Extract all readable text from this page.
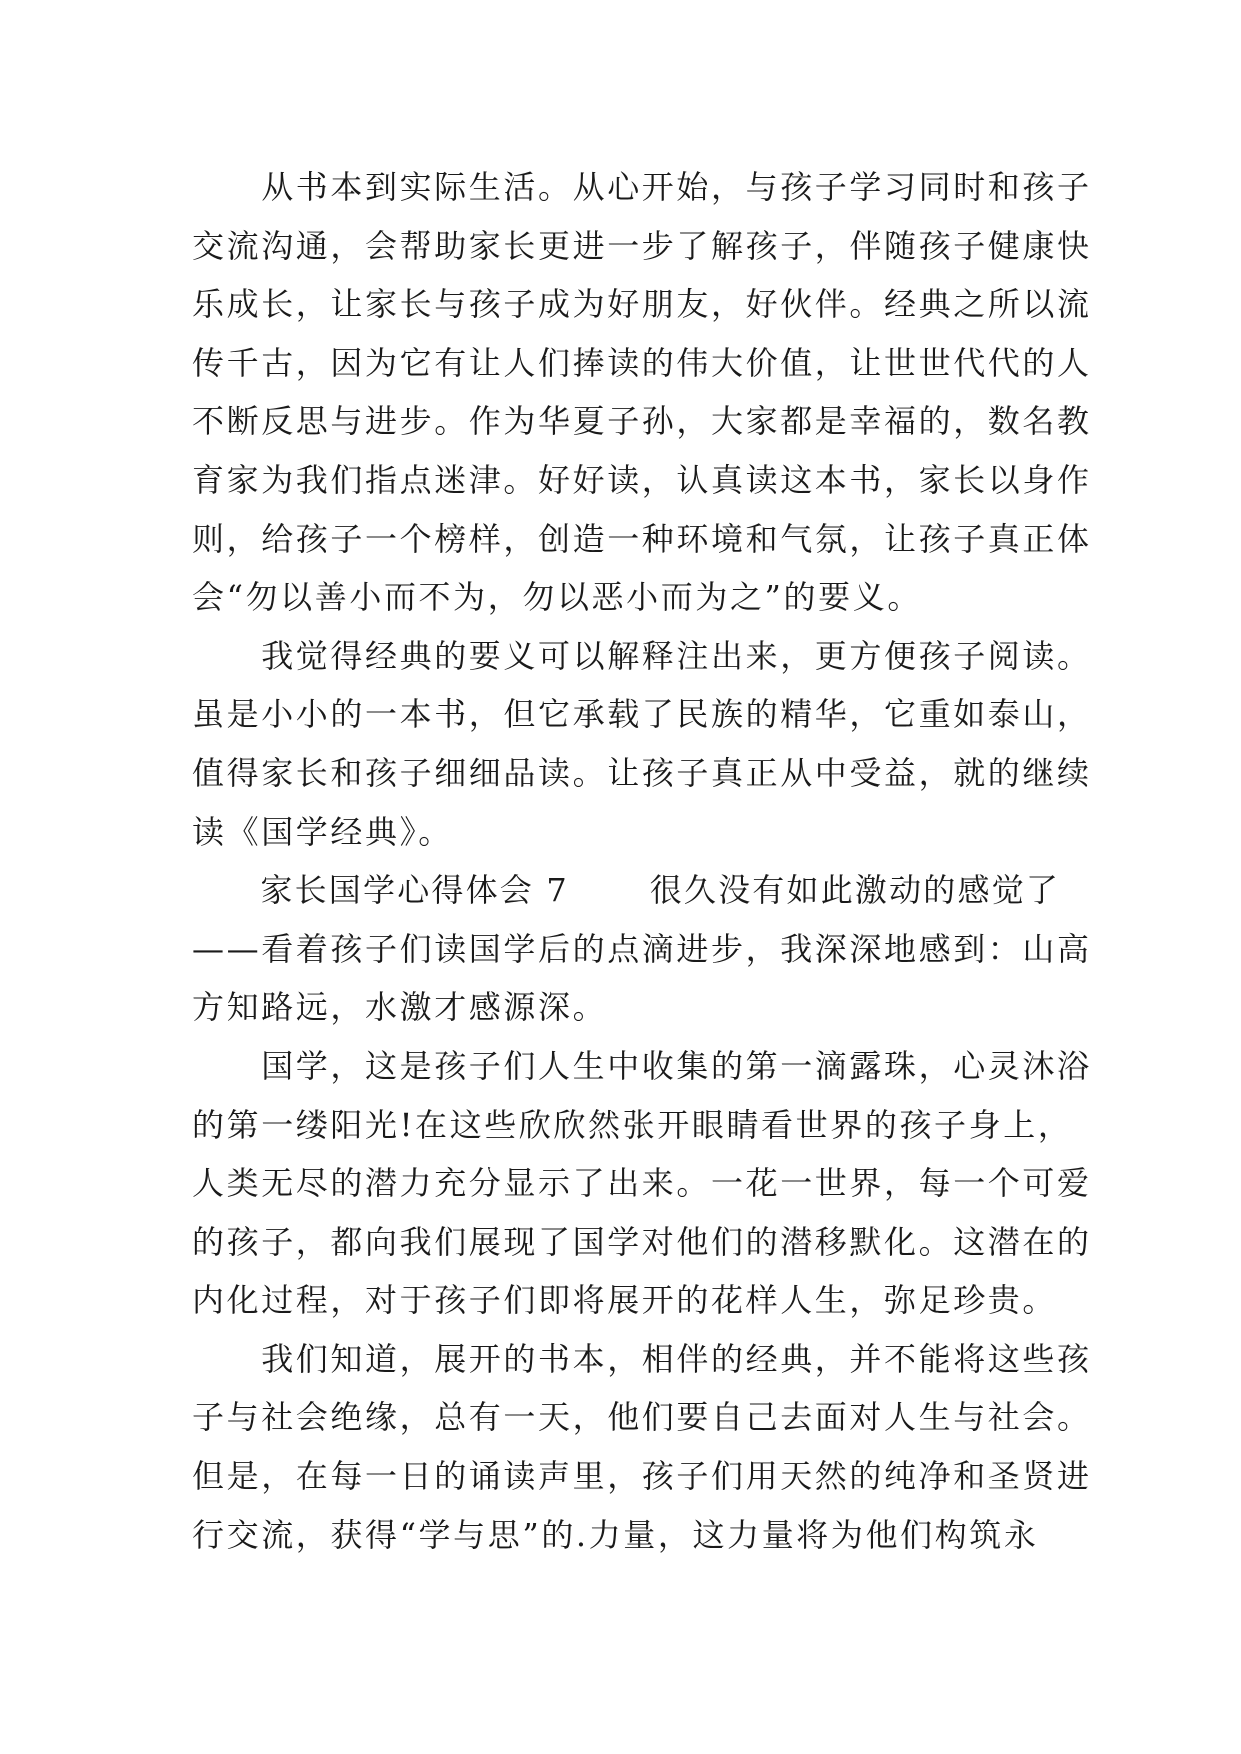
　　从书本到实际生活。从心开始，与孩子学习同时和孩子
交流沟通，会帮助家长更进一步了解孩子，伴随孩子健康快
乐成长，让家长与孩子成为好朋友，好伙伴。经典之所以流
传千古，因为它有让人们捧读的伟大价值，让世世代代的人
不断反思与进步。作为华夏子孙，大家都是幸福的，数名教
育家为我们指点迷津。好好读，认真读这本书，家长以身作
则，给孩子一个榜样，创造一种环境和气氛，让孩子真正体
会“勿以善小而不为，勿以恶小而为之”的要义。
　　我觉得经典的要义可以解释注出来，更方便孩子阅读。
虽是小小的一本书，但它承载了民族的精华，它重如泰山，
值得家长和孩子细细品读。让孩子真正从中受益，就的继续
读《国学经典》。
　　家长国学心得体会 7 　　很久没有如此激动的感觉了
——看着孩子们读国学后的点滴进步，我深深地感到：山高
方知路远，水激才感源深。
　　国学，这是孩子们人生中收集的第一滴露珠，心灵沐浴
的第一缕阳光!在这些欣欣然张开眼睛看世界的孩子身上，
人类无尽的潜力充分显示了出来。一花一世界，每一个可爱
的孩子，都向我们展现了国学对他们的潜移默化。这潜在的
内化过程，对于孩子们即将展开的花样人生，弥足珍贵。
　　我们知道，展开的书本，相伴的经典，并不能将这些孩
子与社会绝缘，总有一天，他们要自己去面对人生与社会。
但是，在每一日的诵读声里，孩子们用天然的纯净和圣贤进
行交流，获得“学与思”的.力量，这力量将为他们构筑永
